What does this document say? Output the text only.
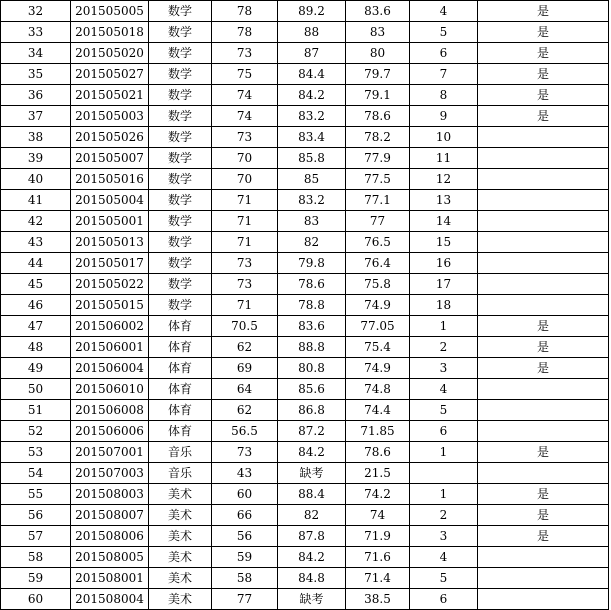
32	201505005	数学	78	89.2	83.6	4	是
33	201505018	数学	78	88	83	5	是
34	201505020	数学	73	87	80	6	是
35	201505027	数学	75	84.4	79.7	7	是
36	201505021	数学	74	84.2	79.1	8	是
37	201505003	数学	74	83.2	78.6	9	是
38	201505026	数学	73	83.4	78.2	10	
39	201505007	数学	70	85.8	77.9	11	
40	201505016	数学	70	85	77.5	12	
41	201505004	数学	71	83.2	77.1	13	
42	201505001	数学	71	83	77	14	
43	201505013	数学	71	82	76.5	15	
44	201505017	数学	73	79.8	76.4	16	
45	201505022	数学	73	78.6	75.8	17	
46	201505015	数学	71	78.8	74.9	18	
47	201506002	体育	70.5	83.6	77.05	1	是
48	201506001	体育	62	88.8	75.4	2	是
49	201506004	体育	69	80.8	74.9	3	是
50	201506010	体育	64	85.6	74.8	4	
51	201506008	体育	62	86.8	74.4	5	
52	201506006	体育	56.5	87.2	71.85	6	
53	201507001	音乐	73	84.2	78.6	1	是
54	201507003	音乐	43	缺考	21.5		
55	201508003	美术	60	88.4	74.2	1	是
56	201508007	美术	66	82	74	2	是
57	201508006	美术	56	87.8	71.9	3	是
58	201508005	美术	59	84.2	71.6	4	
59	201508001	美术	58	84.8	71.4	5	
60	201508004	美术	77	缺考	38.5	6	
